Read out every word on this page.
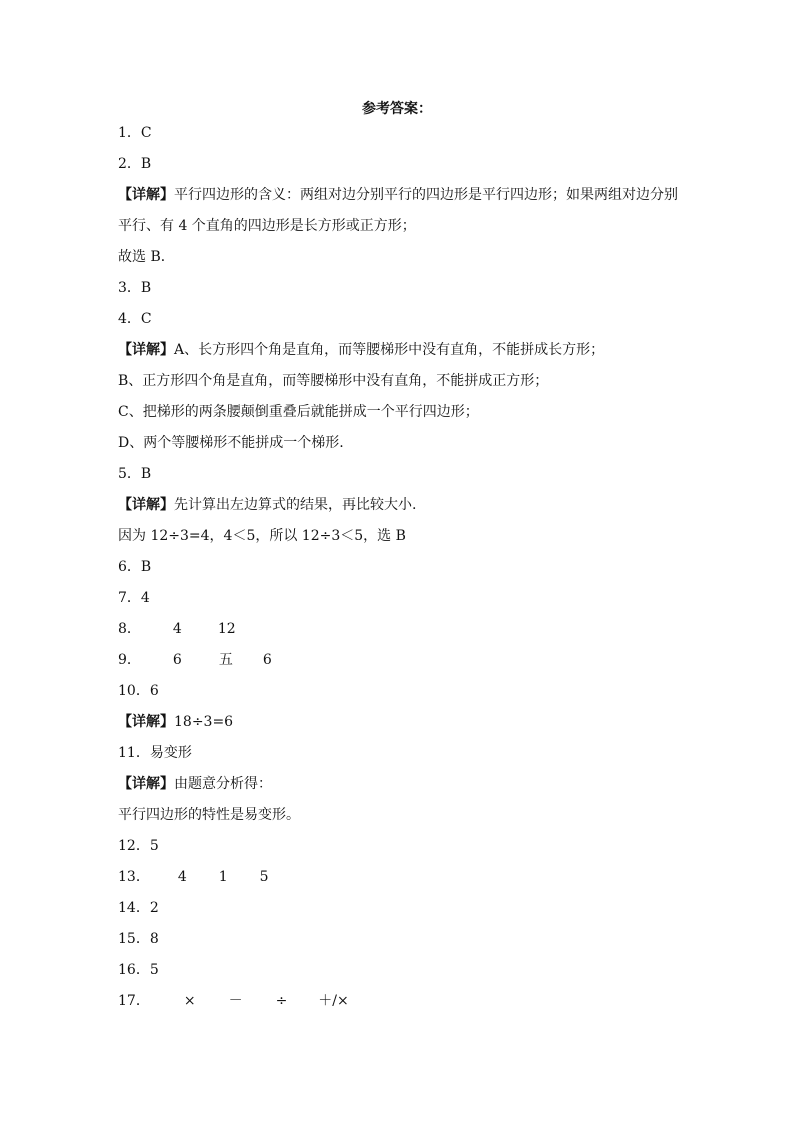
参考答案：
1．C
2．B
【详解】平行四边形的含义：两组对边分别平行的四边形是平行四边形；如果两组对边分别
平行、有 4 个直角的四边形是长方形或正方形；
故选 B．
3．B
4．C
【详解】A、长方形四个角是直角，而等腰梯形中没有直角，不能拼成长方形；
B、正方形四个角是直角，而等腰梯形中没有直角，不能拼成正方形；
C、把梯形的两条腰颠倒重叠后就能拼成一个平行四边形；
D、两个等腰梯形不能拼成一个梯形.
5．B
【详解】先计算出左边算式的结果，再比较大小.
因为 12÷3=4，4＜5，所以 12÷3＜5，选 B
6．B
7．4
8． 4	12
9． 6	五 6
10．6
【详解】18÷3=6
11．易变形
【详解】由题意分析得：
平行四边形的特性是易变形。
12．5
13． 4 1 5
14．2
15．8
16．5
17． × － ÷ ＋/×
